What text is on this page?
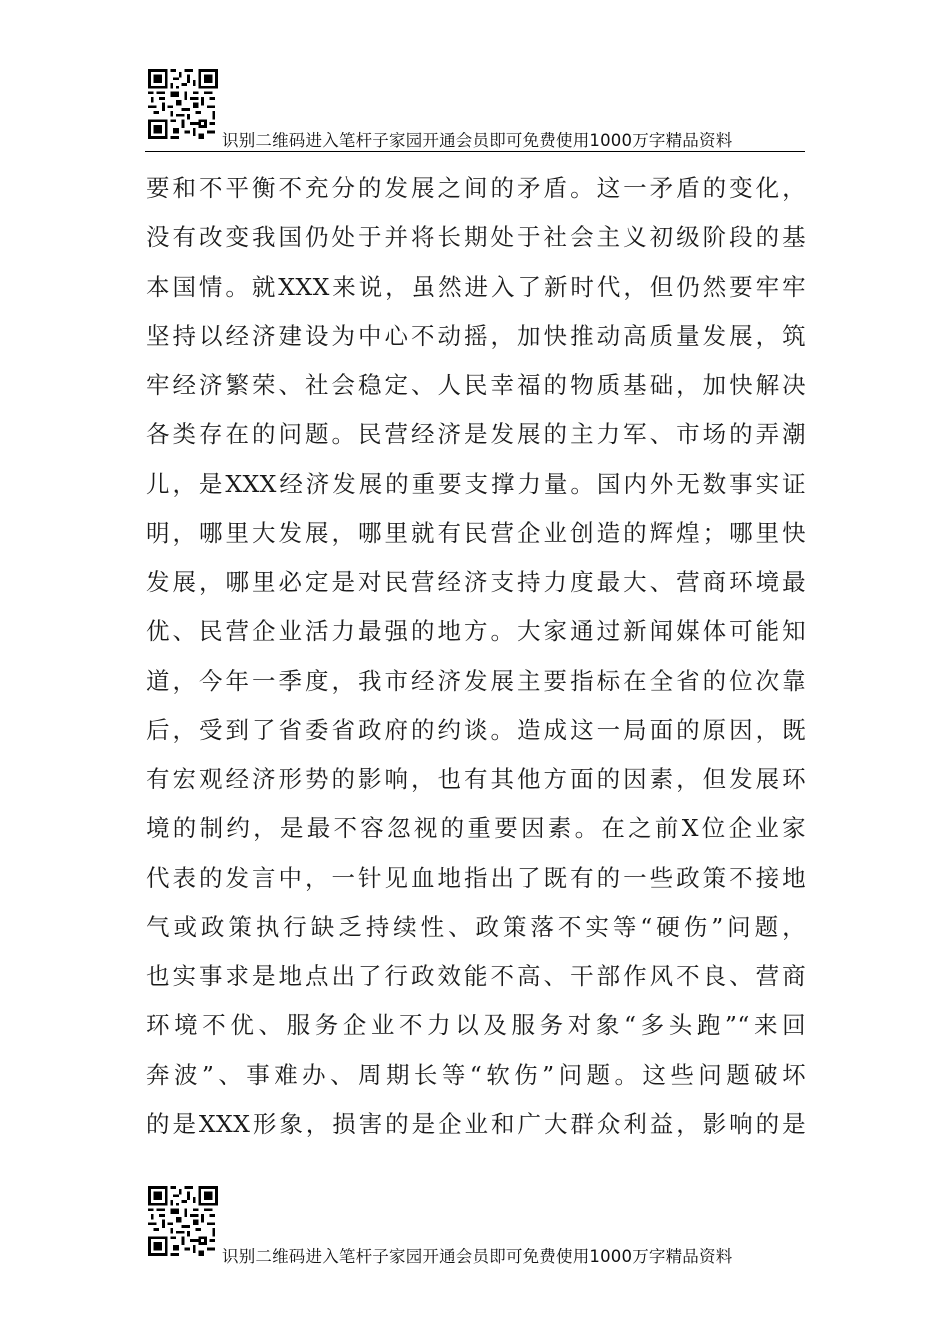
识别二维码进入笔杆子家园开通会员即可免费使用1000万字精品资料
要和不平衡不充分的发展之间的矛盾。这一矛盾的变化，
没有改变我国仍处于并将长期处于社会主义初级阶段的基
本国情。就XXX来说，虽然进入了新时代，但仍然要牢牢
坚持以经济建设为中心不动摇，加快推动高质量发展，筑
牢经济繁荣、社会稳定、人民幸福的物质基础，加快解决
各类存在的问题。民营经济是发展的主力军、市场的弄潮
儿，是XXX经济发展的重要支撑力量。国内外无数事实证
明，哪里大发展，哪里就有民营企业创造的辉煌；哪里快
发展，哪里必定是对民营经济支持力度最大、营商环境最
优、民营企业活力最强的地方。大家通过新闻媒体可能知
道，今年一季度，我市经济发展主要指标在全省的位次靠
后，受到了省委省政府的约谈。造成这一局面的原因，既
有宏观经济形势的影响，也有其他方面的因素，但发展环
境的制约，是最不容忽视的重要因素。在之前X位企业家
代表的发言中，一针见血地指出了既有的一些政策不接地
气或政策执行缺乏持续性、政策落不实等“硬伤”问题，
也实事求是地点出了行政效能不高、干部作风不良、营商
环境不优、服务企业不力以及服务对象“多头跑”“来回
奔波”、事难办、周期长等“软伤”问题。这些问题破坏
的是XXX形象，损害的是企业和广大群众利益，影响的是
识别二维码进入笔杆子家园开通会员即可免费使用1000万字精品资料
